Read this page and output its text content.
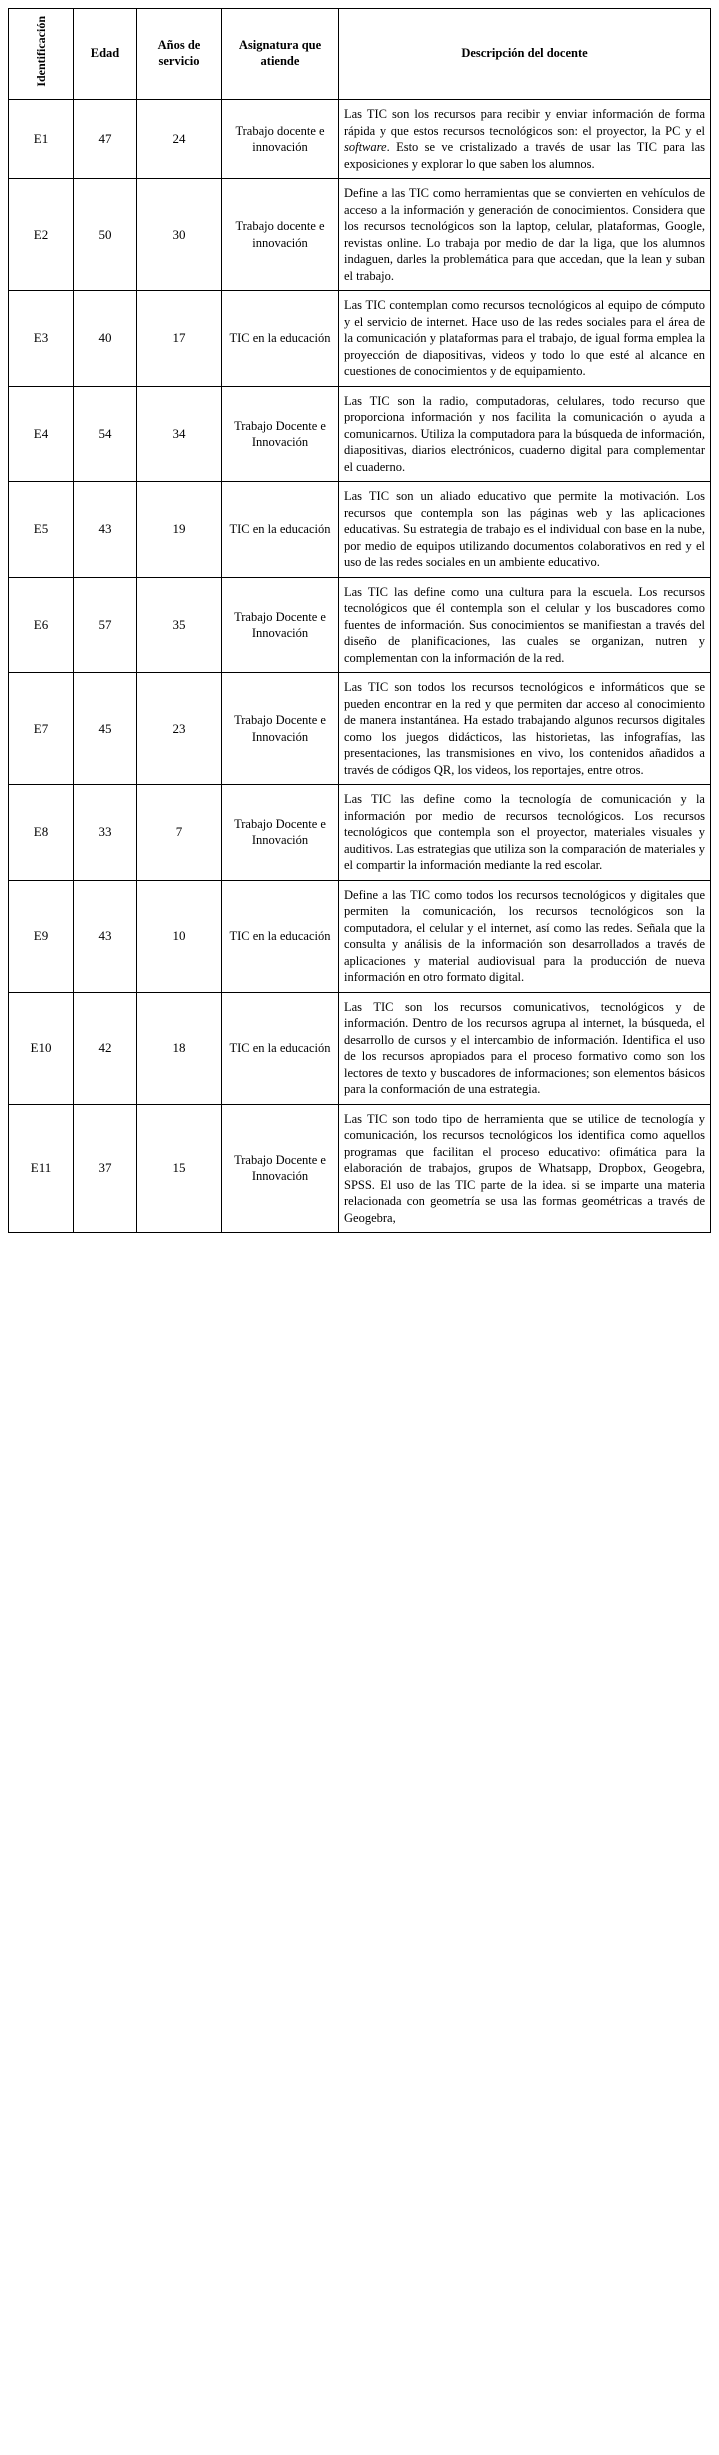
Identificación	Edad	Años de servicio	Asignatura que atiende	Descripción del docente
E1	47	24	Trabajo docente e innovación	Las TIC son los recursos para recibir y enviar información de forma rápida y que estos recursos tecnológicos son: el proyector, la PC y el software. Esto se ve cristalizado a través de usar las TIC para las exposiciones y explorar lo que saben los alumnos.
E2	50	30	Trabajo docente e innovación	Define a las TIC como herramientas que se convierten en vehículos de acceso a la información y generación de conocimientos. Considera que los recursos tecnológicos son la laptop, celular, plataformas, Google, revistas online. Lo trabaja por medio de dar la liga, que los alumnos indaguen, darles la problemática para que accedan, que la lean y suban el trabajo.
E3	40	17	TIC en la educación	Las TIC contemplan como recursos tecnológicos al equipo de cómputo y el servicio de internet. Hace uso de las redes sociales para el área de la comunicación y plataformas para el trabajo, de igual forma emplea la proyección de diapositivas, videos y todo lo que esté al alcance en cuestiones de conocimientos y de equipamiento.
E4	54	34	Trabajo Docente e Innovación	Las TIC son la radio, computadoras, celulares, todo recurso que proporciona información y nos facilita la comunicación o ayuda a comunicarnos. Utiliza la computadora para la búsqueda de información, diapositivas, diarios electrónicos, cuaderno digital para complementar el cuaderno.
E5	43	19	TIC en la educación	Las TIC son un aliado educativo que permite la motivación. Los recursos que contempla son las páginas web y las aplicaciones educativas. Su estrategia de trabajo es el individual con base en la nube, por medio de equipos utilizando documentos colaborativos en red y el uso de las redes sociales en un ambiente educativo.
E6	57	35	Trabajo Docente e Innovación	Las TIC las define como una cultura para la escuela. Los recursos tecnológicos que él contempla son el celular y los buscadores como fuentes de información. Sus conocimientos se manifiestan a través del diseño de planificaciones, las cuales se organizan, nutren y complementan con la información de la red.
E7	45	23	Trabajo Docente e Innovación	Las TIC son todos los recursos tecnológicos e informáticos que se pueden encontrar en la red y que permiten dar acceso al conocimiento de manera instantánea. Ha estado trabajando algunos recursos digitales como los juegos didácticos, las historietas, las infografías, las presentaciones, las transmisiones en vivo, los contenidos añadidos a través de códigos QR, los videos, los reportajes, entre otros.
E8	33	7	Trabajo Docente e Innovación	Las TIC las define como la tecnología de comunicación y la información por medio de recursos tecnológicos. Los recursos tecnológicos que contempla son el proyector, materiales visuales y auditivos. Las estrategias que utiliza son la comparación de materiales y el compartir la información mediante la red escolar.
E9	43	10	TIC en la educación	Define a las TIC como todos los recursos tecnológicos y digitales que permiten la comunicación, los recursos tecnológicos son la computadora, el celular y el internet, así como las redes. Señala que la consulta y análisis de la información son desarrollados a través de aplicaciones y material audiovisual para la producción de nueva información en otro formato digital.
E10	42	18	TIC en la educación	Las TIC son los recursos comunicativos, tecnológicos y de información. Dentro de los recursos agrupa al internet, la búsqueda, el desarrollo de cursos y el intercambio de información. Identifica el uso de los recursos apropiados para el proceso formativo como son los lectores de texto y buscadores de informaciones; son elementos básicos para la conformación de una estrategia.
E11	37	15	Trabajo Docente e Innovación	Las TIC son todo tipo de herramienta que se utilice de tecnología y comunicación, los recursos tecnológicos los identifica como aquellos programas que facilitan el proceso educativo: ofimática para la elaboración de trabajos, grupos de Whatsapp, Dropbox, Geogebra, SPSS. El uso de las TIC parte de la idea. si se imparte una materia relacionada con geometría se usa las formas geométricas a través de Geogebra,
